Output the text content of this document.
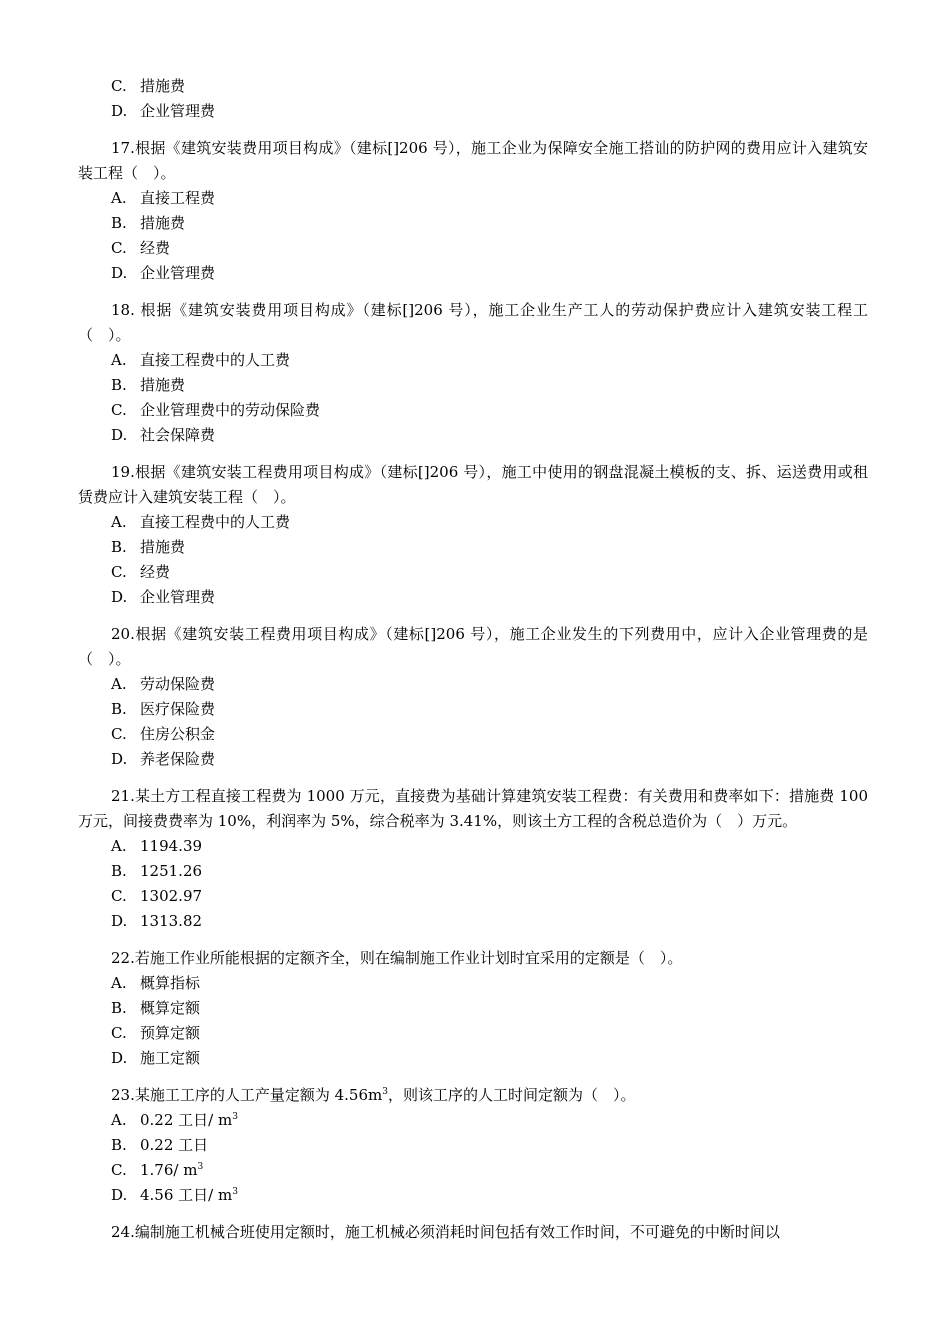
C. 措施费
D. 企业管理费
17.根据《建筑安装费用项目构成》（建标[]206 号），施工企业为保障安全施工搭讪的防护网的费用应计入建筑安装工程（　）。
A. 直接工程费
B. 措施费
C. 经费
D. 企业管理费
18. 根据《建筑安装费用项目构成》（建标[]206 号），施工企业生产工人的劳动保护费应计入建筑安装工程工（　）。
A. 直接工程费中的人工费
B. 措施费
C. 企业管理费中的劳动保险费
D. 社会保障费
19.根据《建筑安装工程费用项目构成》（建标[]206 号），施工中使用的钢盘混凝土模板的支、拆、运送费用或租赁费应计入建筑安装工程（　）。
A. 直接工程费中的人工费
B. 措施费
C. 经费
D. 企业管理费
20.根据《建筑安装工程费用项目构成》（建标[]206 号），施工企业发生的下列费用中，应计入企业管理费的是（　）。
A. 劳动保险费
B. 医疗保险费
C. 住房公积金
D. 养老保险费
21.某土方工程直接工程费为 1000 万元，直接费为基础计算建筑安装工程费：有关费用和费率如下：措施费 100 万元，间接费费率为 10%，利润率为 5%，综合税率为 3.41%，则该土方工程的含税总造价为（　）万元。
A. 1194.39
B. 1251.26
C. 1302.97
D. 1313.82
22.若施工作业所能根据的定额齐全，则在编制施工作业计划时宜采用的定额是（　）。
A. 概算指标
B. 概算定额
C. 预算定额
D. 施工定额
23.某施工工序的人工产量定额为 $4.56m^3$，则该工序的人工时间定额为（　）。
A. 0.22 工日/ $m^3$
B. 0.22 工日
C. 1.76/ $m^3$
D. 4.56 工日/ $m^3$
24.编制施工机械合班使用定额时，施工机械必须消耗时间包括有效工作时间，不可避免的中断时间以
